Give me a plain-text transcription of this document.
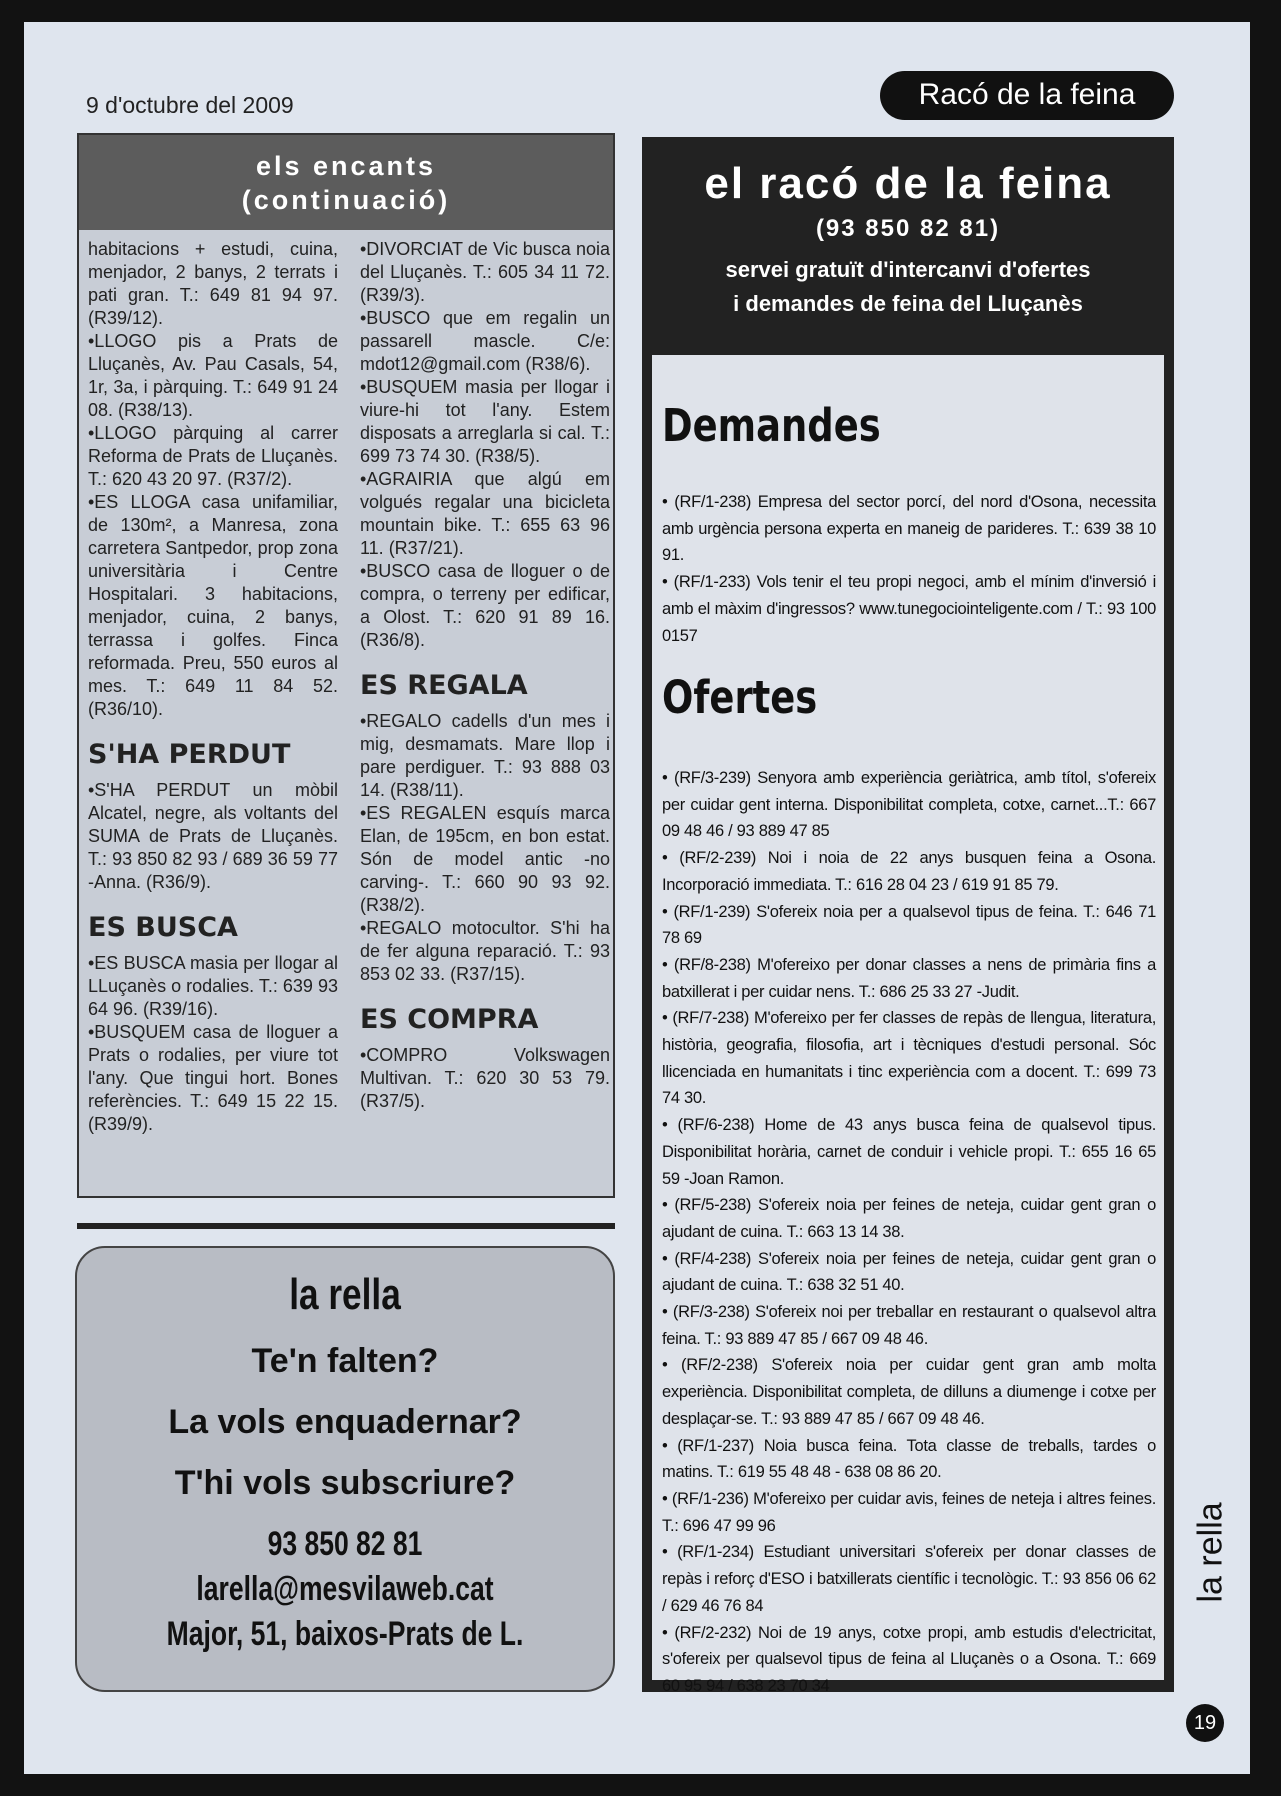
9 d'octubre del 2009	Racó de la feina
els encants
(continuació)

habitacions + estudi, cuina, menjador, 2 banys, 2 terrats i pati gran. T.: 649 81 94 97. (R39/12).

•LLOGO pis a Prats de Lluçanès, Av. Pau Casals, 54, 1r, 3a, i pàrquing. T.: 649 91 24 08. (R38/13).

•LLOGO pàrquing al carrer Reforma de Prats de Lluçanès. T.: 620 43 20 97. (R37/2).

•ES LLOGA casa unifamiliar, de 130m², a Manresa, zona carretera Santpedor, prop zona universitària i Centre Hospitalari. 3 habitacions, menjador, cuina, 2 banys, terrassa i golfes. Finca reformada. Preu, 550 euros al mes. T.: 649 11 84 52. (R36/10).

S'HA PERDUT

•S'HA PERDUT un mòbil Alcatel, negre, als voltants del SUMA de Prats de Lluçanès. T.: 93 850 82 93 / 689 36 59 77 -Anna. (R36/9).

ES BUSCA

•ES BUSCA masia per llogar al LLuçanès o rodalies. T.: 639 93 64 96. (R39/16).

•BUSQUEM casa de lloguer a Prats o rodalies, per viure tot l'any. Que tingui hort. Bones referències. T.: 649 15 22 15. (R39/9).

•DIVORCIAT de Vic busca noia del Lluçanès. T.: 605 34 11 72. (R39/3).

•BUSCO que em regalin un passarell mascle. C/e: mdot12@gmail.com (R38/6).

•BUSQUEM masia per llogar i viure-hi tot l'any. Estem disposats a arreglarla si cal. T.: 699 73 74 30. (R38/5).

•AGRAIRIA que algú em volgués regalar una bicicleta mountain bike. T.: 655 63 96 11. (R37/21).

•BUSCO casa de lloguer o de compra, o terreny per edificar, a Olost. T.: 620 91 89 16. (R36/8).

ES REGALA

•REGALO cadells d'un mes i mig, desmamats. Mare llop i pare perdiguer. T.: 93 888 03 14. (R38/11).

•ES REGALEN esquís marca Elan, de 195cm, en bon estat. Són de model antic -no carving-. T.: 660 90 93 92. (R38/2).

•REGALO motocultor. S'hi ha de fer alguna reparació. T.: 93 853 02 33. (R37/15).

ES COMPRA

•COMPRO Volkswagen Multivan. T.: 620 30 53 79. (R37/5).

la rella
Te'n falten?
La vols enquadernar?
T'hi vols subscriure?
93 850 82 81
larella@mesvilaweb.cat
Major, 51, baixos-Prats de L.
el racó de la feina
(93 850 82 81)
servei gratuït d'intercanvi d'ofertes
i demandes de feina del Lluçanès
Demandes

• (RF/1-238) Empresa del sector porcí, del nord d'Osona, necessita amb urgència persona experta en maneig de parideres. T.: 639 38 10 91.

• (RF/1-233) Vols tenir el teu propi negoci, amb el mínim d'inversió i amb el màxim d'ingressos? www.tunegociointeligente.com / T.: 93 100 0157

Ofertes

• (RF/3-239) Senyora amb experiència geriàtrica, amb títol, s'ofereix per cuidar gent interna. Disponibilitat completa, cotxe, carnet...T.: 667 09 48 46 / 93 889 47 85

• (RF/2-239) Noi i noia de 22 anys busquen feina a Osona. Incorporació immediata. T.: 616 28 04 23 / 619 91 85 79.

• (RF/1-239) S'ofereix noia per a qualsevol tipus de feina. T.: 646 71 78 69

• (RF/8-238) M'ofereixo per donar classes a nens de primària fins a batxillerat i per cuidar nens. T.: 686 25 33 27 -Judit.

• (RF/7-238) M'ofereixo per fer classes de repàs de llengua, literatura, història, geografia, filosofia, art i tècniques d'estudi personal. Sóc llicenciada en humanitats i tinc experiència com a docent. T.: 699 73 74 30.

• (RF/6-238) Home de 43 anys busca feina de qualsevol tipus. Disponibilitat horària, carnet de conduir i vehicle propi. T.: 655 16 65 59 -Joan Ramon.

• (RF/5-238) S'ofereix noia per feines de neteja, cuidar gent gran o ajudant de cuina. T.: 663 13 14 38.

• (RF/4-238) S'ofereix noia per feines de neteja, cuidar gent gran o ajudant de cuina. T.: 638 32 51 40.

• (RF/3-238) S'ofereix noi per treballar en restaurant o qualsevol altra feina. T.: 93 889 47 85 / 667 09 48 46.

• (RF/2-238) S'ofereix noia per cuidar gent gran amb molta experiència. Disponibilitat completa, de dilluns a diumenge i cotxe per desplaçar-se. T.: 93 889 47 85 / 667 09 48 46.

• (RF/1-237) Noia busca feina. Tota classe de treballs, tardes o matins. T.: 619 55 48 48 - 638 08 86 20.

• (RF/1-236) M'ofereixo per cuidar avis, feines de neteja i altres feines. T.: 696 47 99 96

• (RF/1-234) Estudiant universitari s'ofereix per donar classes de repàs i reforç d'ESO i batxillerats científic i tecnològic. T.: 93 856 06 62 / 629 46 76 84

• (RF/2-232) Noi de 19 anys, cotxe propi, amb estudis d'electricitat, s'ofereix per qualsevol tipus de feina al Lluçanès o a Osona. T.: 669 60 95 94 / 638 23 70 34

la rella
19
